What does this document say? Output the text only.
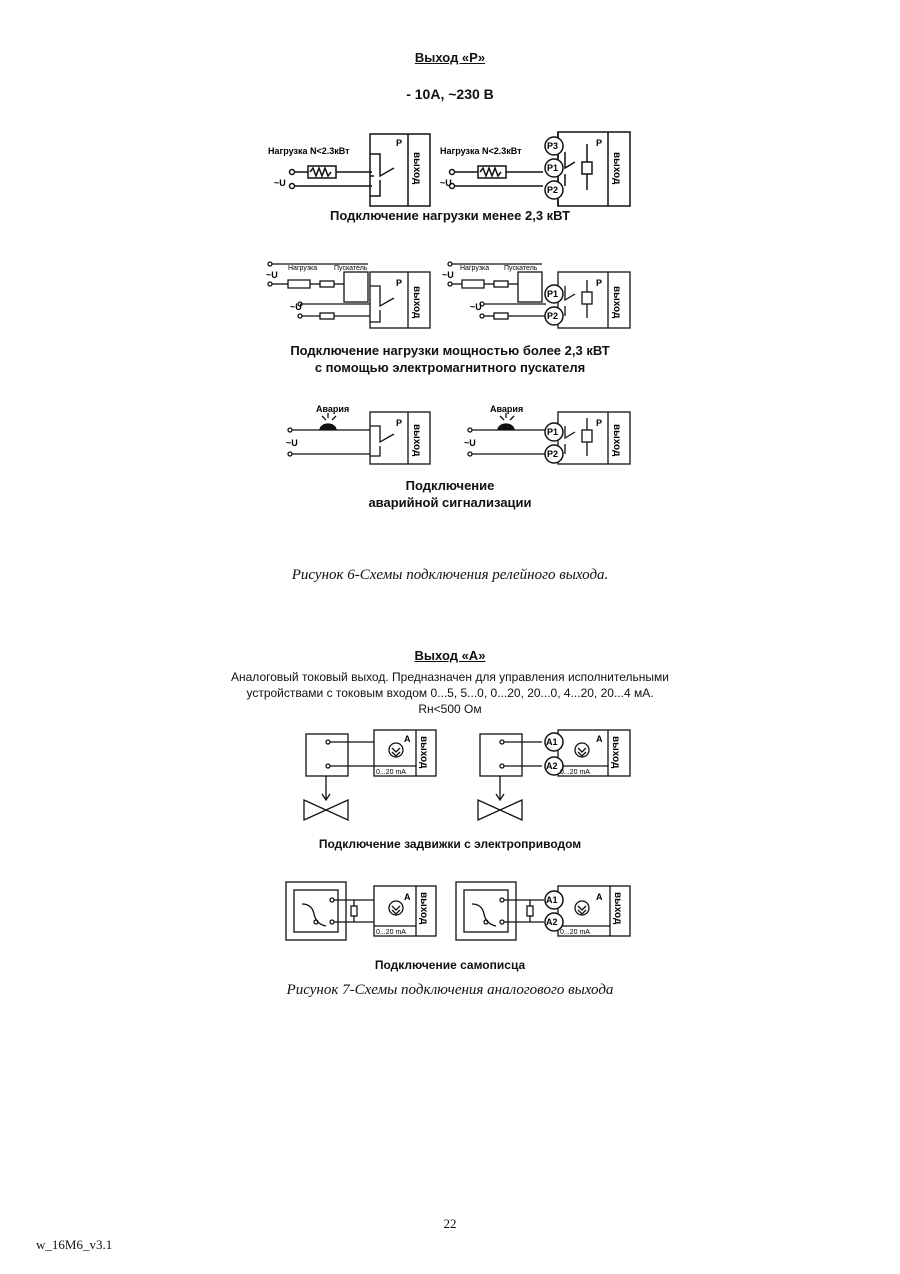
Выход «Р»
- 10А, ~230 В
Нагрузка N<2.3кВт	Нагрузка N<2.3кВт
~U	~U
P	P
выход	выход
P3
P1
P2
Подключение нагрузки менее 2,3 кВТ
Нагрузка Пускатель	Нагрузка Пускатель
~U
~U
~U
~U
P	P
выход	выход
P1
P2
Подключение нагрузки мощностью более 2,3 кВТ
с помощью электромагнитного пускателя
Авария	Авария
~U	~U
P	P
выход	выход
P1
P2
Подключение
аварийной сигнализации
Рисунок 6-Схемы подключения релейного выхода.
Выход «А»
Аналоговый токовый выход. Предназначен для управления исполнительными
устройствами с токовым входом 0...5, 5...0, 0...20, 20...0, 4...20, 20...4 мА.
Rн<500 Ом
A	A
выход	выход
0...20 mA	0...20 mA
A1
A2
Подключение задвижки с электроприводом
A	A
выход	выход
0...20 mA	0...20 mA
A1
A2
Подключение самописца
Рисунок 7-Схемы подключения аналогового выхода
22
w_16M6_v3.1
